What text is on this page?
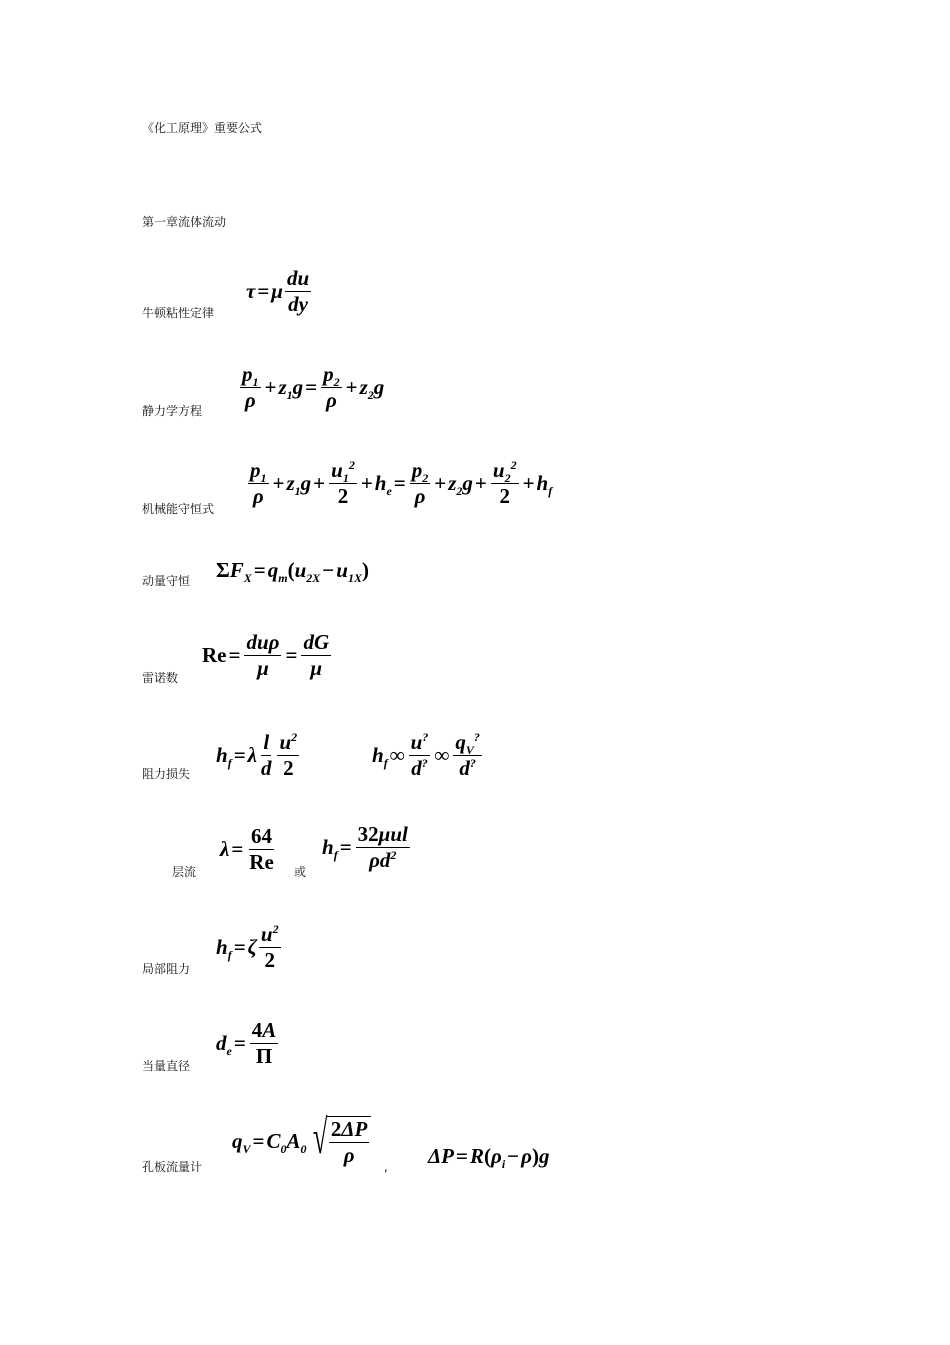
《化工原理》重要公式
第一章流体流动
牛顿粘性定律
τ = μ $\frac{du}{dy}$
静力学方程 $\frac{p_1}{\rho} + z_1g = \frac{p_2}{\rho} + z_2g$
机械能守恒式
$\frac{p_1}{\rho} + z_1g + \frac{u_1^2}{2} + h_e = \frac{p_2}{\rho} + z_2g + \frac{u_2^2}{2} + h_f$
动量守恒 Σ $F_X = q_m$ ( $u_{2X} - u_{1X}$ )
雷诺数
$Re = \frac{\text{duρ}}{\mu} = \frac{dG}{\mu}$
阻力损失
$h_f = \lambda \frac{l}{d} \frac{u^2}{2}$	$h_f$ ∞ $\frac{u^?}{d^?}$ ∞ $\frac{q_V^?}{d^?}$
层流
$\lambda = \frac{64}{Re}$ 或
$h_f = \frac{\text{32μul}}{\rho d^2}$
局部阻力
$h_f = \zeta \frac{u^2}{2}$
当量直径
$d_e = \frac{4A}{\Pi}$
孔板流量计
$q_V = C_0A_0$ √ $\frac{2\Delta P}{\rho}$
, ΔP = R ( $\rho_i - \rho$ ) g
